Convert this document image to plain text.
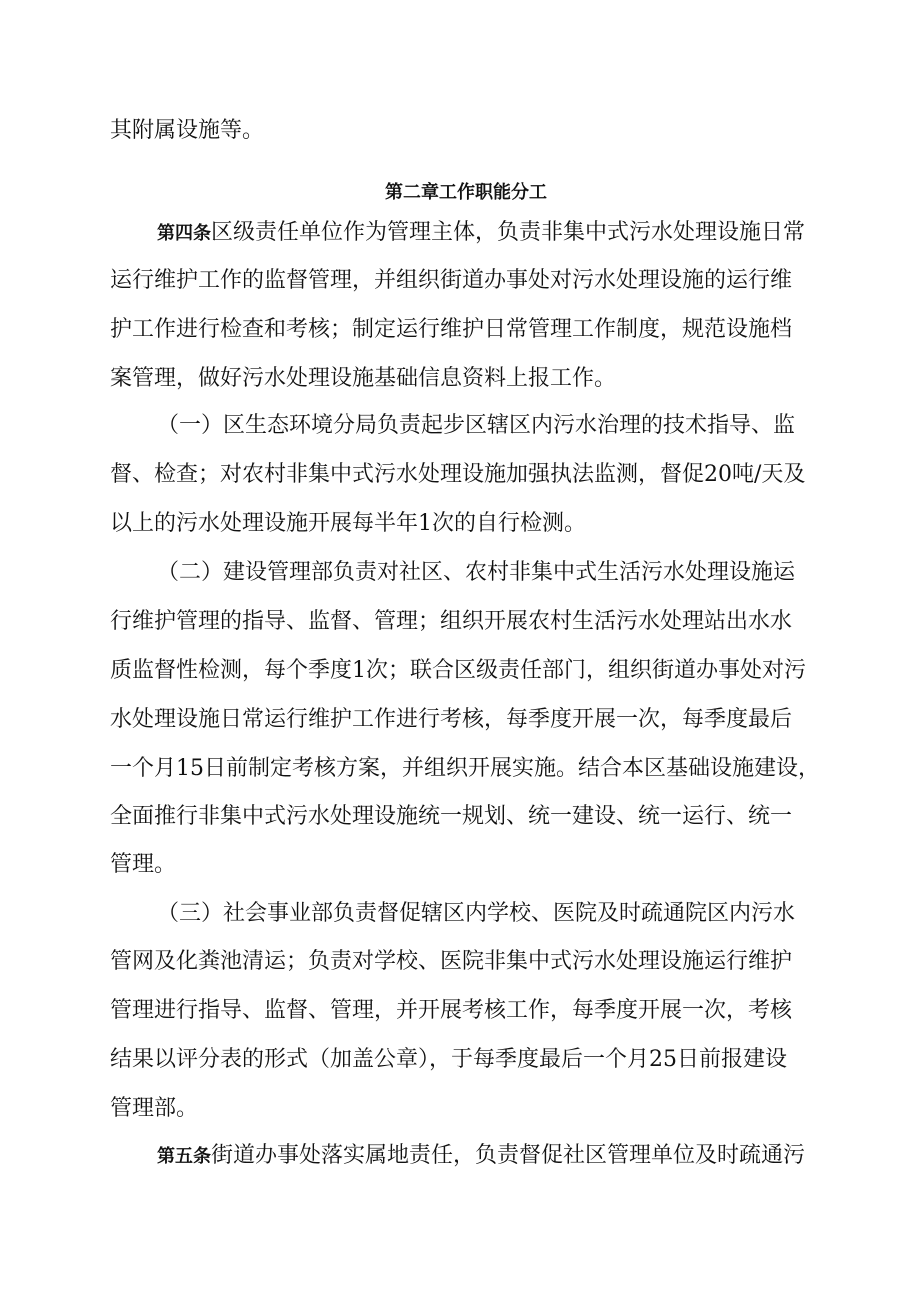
其附属设施等。
第二章工作职能分工
第四条区级责任单位作为管理主体，负责非集中式污水处理设施日常
运行维护工作的监督管理，并组织街道办事处对污水处理设施的运行维
护工作进行检查和考核；制定运行维护日常管理工作制度，规范设施档
案管理，做好污水处理设施基础信息资料上报工作。
（一）区生态环境分局负责起步区辖区内污水治理的技术指导、监
督、检查；对农村非集中式污水处理设施加强执法监测，督促20吨/天及
以上的污水处理设施开展每半年1次的自行检测。
（二）建设管理部负责对社区、农村非集中式生活污水处理设施运
行维护管理的指导、监督、管理；组织开展农村生活污水处理站出水水
质监督性检测，每个季度1次；联合区级责任部门，组织街道办事处对污
水处理设施日常运行维护工作进行考核，每季度开展一次，每季度最后
一个月15日前制定考核方案，并组织开展实施。结合本区基础设施建设，
全面推行非集中式污水处理设施统一规划、统一建设、统一运行、统一
管理。
（三）社会事业部负责督促辖区内学校、医院及时疏通院区内污水
管网及化粪池清运；负责对学校、医院非集中式污水处理设施运行维护
管理进行指导、监督、管理，并开展考核工作，每季度开展一次，考核
结果以评分表的形式（加盖公章），于每季度最后一个月25日前报建设
管理部。
第五条街道办事处落实属地责任，负责督促社区管理单位及时疏通污
